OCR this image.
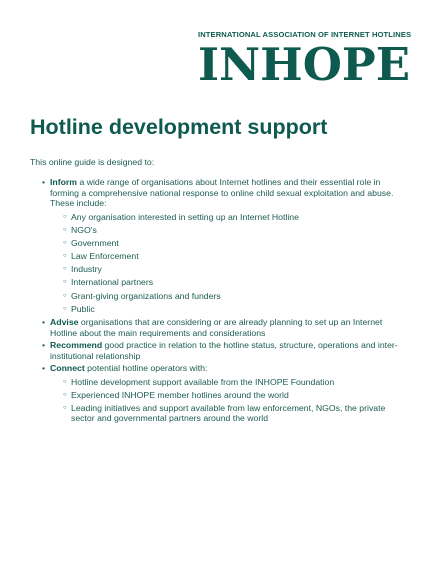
INTERNATIONAL ASSOCIATION OF INTERNET HOTLINES
INHOPE
Hotline development support
This online guide is designed to:
• Inform a wide range of organisations about Internet hotlines and their essential role in forming a comprehensive national response to online child sexual exploitation and abuse. These include:
○ Any organisation interested in setting up an Internet Hotline
○ NGO's
○ Government
○ Law Enforcement
○ Industry
○ International partners
○ Grant-giving organizations and funders
○ Public
• Advise organisations that are considering or are already planning to set up an Internet Hotline about the main requirements and considerations
• Recommend good practice in relation to the hotline status, structure, operations and inter-institutional relationship
• Connect potential hotline operators with:
○ Hotline development support available from the INHOPE Foundation
○ Experienced INHOPE member hotlines around the world
○ Leading initiatives and support available from law enforcement, NGOs, the private sector and governmental partners around the world
